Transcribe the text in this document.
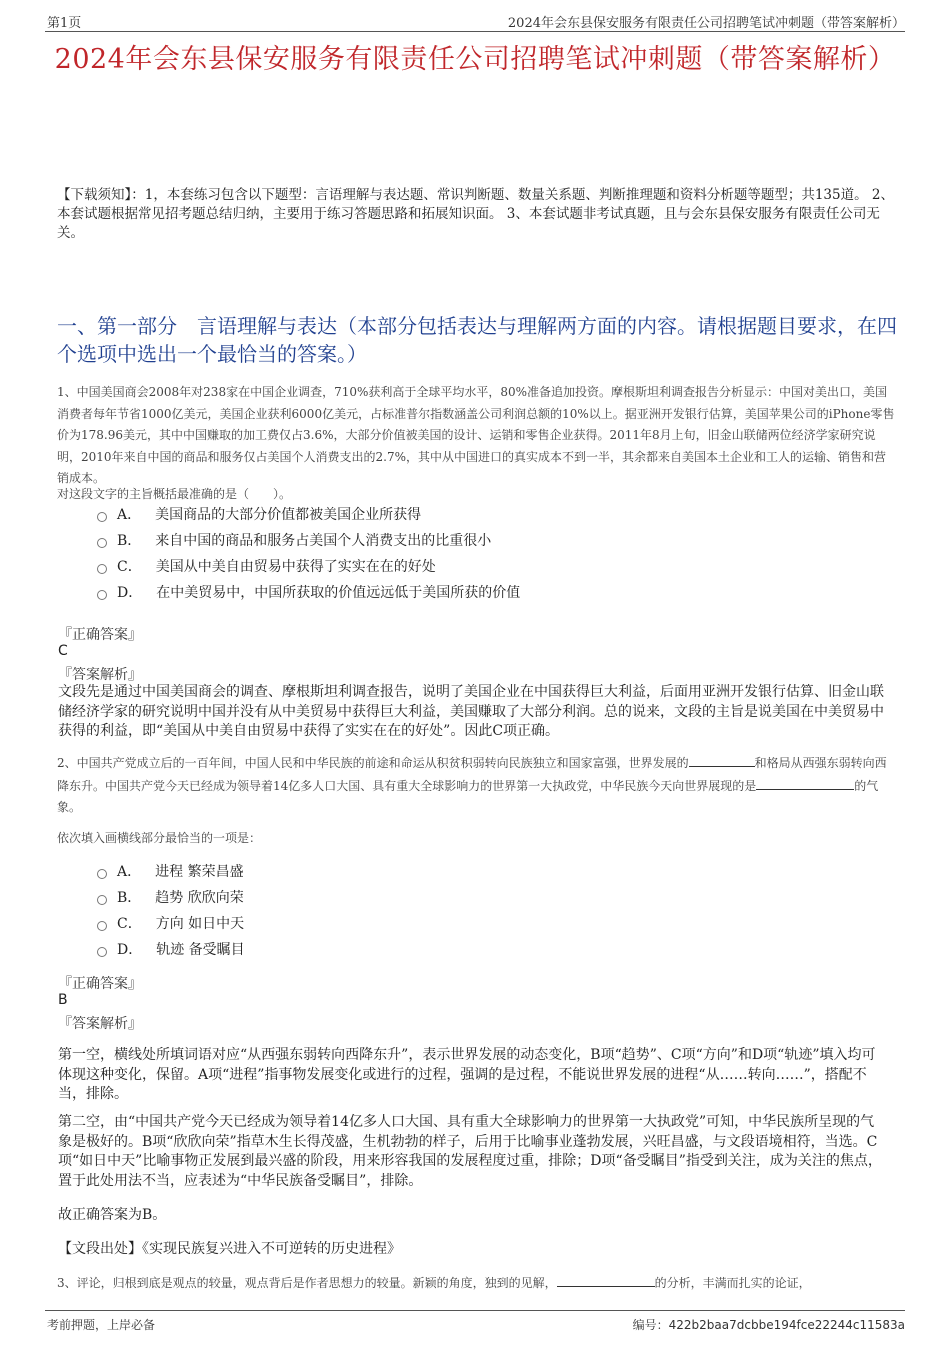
第1页	2024年会东县保安服务有限责任公司招聘笔试冲刺题（带答案解析）
2024年会东县保安服务有限责任公司招聘笔试冲刺题（带答案解析）
【下载须知】：1，本套练习包含以下题型：言语理解与表达题、常识判断题、数量关系题、判断推理题和资料分析题等题型；共135道。 2、本套试题根据常见招考题总结归纳，主要用于练习答题思路和拓展知识面。 3、本套试题非考试真题，且与会东县保安服务有限责任公司无关。
一、第一部分　言语理解与表达（本部分包括表达与理解两方面的内容。请根据题目要求，在四个选项中选出一个最恰当的答案。）
1、中国美国商会2008年对238家在中国企业调查，710%获利高于全球平均水平，80%准备追加投资。摩根斯坦利调查报告分析显示：中国对美出口，美国消费者每年节省1000亿美元，美国企业获利6000亿美元，占标准普尔指数涵盖公司利润总额的10%以上。据亚洲开发银行估算，美国苹果公司的iPhone零售价为178.96美元，其中中国赚取的加工费仅占3.6%，大部分价值被美国的设计、运销和零售企业获得。2011年8月上旬，旧金山联储两位经济学家研究说明，2010年来自中国的商品和服务仅占美国个人消费支出的2.7%，其中从中国进口的真实成本不到一半，其余都来自美国本土企业和工人的运输、销售和营销成本。
对这段文字的主旨概括最准确的是（　　）。
A． 美国商品的大部分价值都被美国企业所获得
B． 来自中国的商品和服务占美国个人消费支出的比重很小
C． 美国从中美自由贸易中获得了实实在在的好处
D． 在中美贸易中，中国所获取的价值远远低于美国所获的价值
『正确答案』
C
『答案解析』
文段先是通过中国美国商会的调查、摩根斯坦利调查报告，说明了美国企业在中国获得巨大利益，后面用亚洲开发银行估算、旧金山联储经济学家的研究说明中国并没有从中美贸易中获得巨大利益，美国赚取了大部分利润。总的说来，文段的主旨是说美国在中美贸易中获得的利益，即“美国从中美自由贸易中获得了实实在在的好处”。因此C项正确。
2、中国共产党成立后的一百年间，中国人民和中华民族的前途和命运从积贫积弱转向民族独立和国家富强，世界发展的	和格局从西强东弱转向西降东升。中国共产党今天已经成为领导着14亿多人口大国、具有重大全球影响力的世界第一大执政党，中华民族今天向世界展现的是	的气象。
依次填入画横线部分最恰当的一项是：
A． 进程 繁荣昌盛
B． 趋势 欣欣向荣
C． 方向 如日中天
D． 轨迹 备受瞩目
『正确答案』
B
『答案解析』
第一空，横线处所填词语对应“从西强东弱转向西降东升”，表示世界发展的动态变化，B项“趋势”、C项“方向”和D项“轨迹”填入均可体现这种变化，保留。A项“进程”指事物发展变化或进行的过程，强调的是过程，不能说世界发展的进程“从……转向……”，搭配不当，排除。
第二空，由“中国共产党今天已经成为领导着14亿多人口大国、具有重大全球影响力的世界第一大执政党”可知，中华民族所呈现的气象是极好的。B项“欣欣向荣”指草木生长得茂盛，生机勃勃的样子，后用于比喻事业蓬勃发展，兴旺昌盛，与文段语境相符，当选。C项“如日中天”比喻事物正发展到最兴盛的阶段，用来形容我国的发展程度过重，排除；D项“备受瞩目”指受到关注，成为关注的焦点，置于此处用法不当，应表述为“中华民族备受瞩目”，排除。
故正确答案为B。
【文段出处】《实现民族复兴进入不可逆转的历史进程》
3、评论，归根到底是观点的较量，观点背后是作者思想力的较量。新颖的角度，独到的见解，	的分析，丰满而扎实的论证，
考前押题，上岸必备	编号：422b2baa7dcbbe194fce22244c11583a
